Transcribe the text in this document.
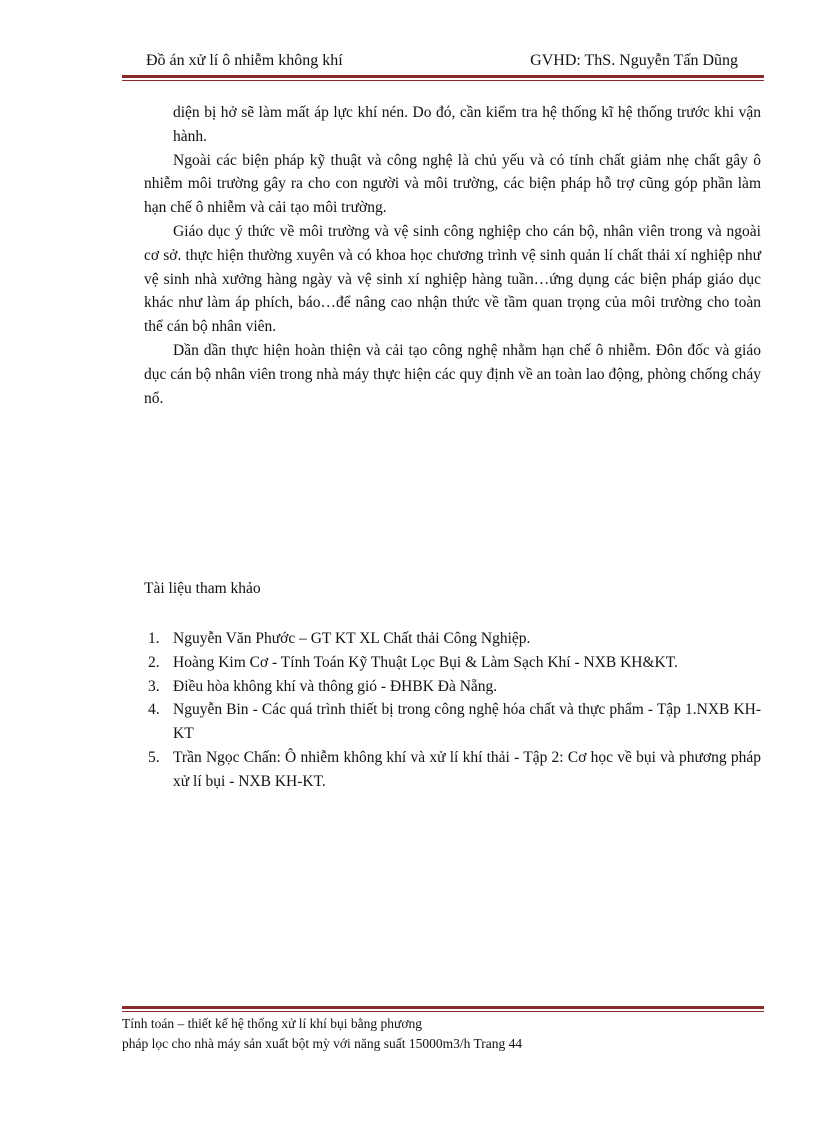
Đồ án xử lí ô nhiễm không khí	GVHD: ThS. Nguyễn Tấn Dũng

diện bị hở sẽ làm mất áp lực khí nén. Do đó, cần kiểm tra hệ thống kĩ hệ thống trước khi vận hành.

Ngoài các biện pháp kỹ thuật và công nghệ là chủ yếu và có tính chất giảm nhẹ chất gây ô nhiễm môi trường gây ra cho con người và môi trường, các biện pháp hỗ trợ cũng góp phần làm hạn chế ô nhiễm và cải tạo môi trường.

Giáo dục ý thức về môi trường và vệ sinh công nghiệp cho cán bộ, nhân viên trong và ngoài cơ sở. thực hiện thường xuyên và có khoa học chương trình vệ sinh quản lí chất thải xí nghiệp như vệ sinh nhà xưởng hàng ngày và vệ sinh xí nghiệp hàng tuần…ứng dụng các biện pháp giáo dục khác như làm áp phích, báo…để nâng cao nhận thức về tầm quan trọng của môi trường cho toàn thể cán bộ nhân viên.

Dần dần thực hiện hoàn thiện và cải tạo công nghệ nhằm hạn chế ô nhiễm. Đôn đốc và giáo dục cán bộ nhân viên trong nhà máy thực hiện các quy định về an toàn lao động, phòng chống cháy nổ.

Tài liệu tham khảo
1. Nguyễn Văn Phước – GT KT XL Chất thải Công Nghiệp.
2. Hoàng Kim Cơ - Tính Toán Kỹ Thuật Lọc Bụi & Làm Sạch Khí - NXB KH&KT.
3. Điều hòa không khí và thông gió - ĐHBK Đà Nẵng.
4. Nguyễn Bin - Các quá trình thiết bị trong công nghệ hóa chất và thực phẩm - Tập 1.NXB KH-KT
5. Trần Ngọc Chấn: Ô nhiễm không khí và xử lí khí thải - Tập 2: Cơ học về bụi và phương pháp xử lí bụi - NXB KH-KT.
Tính toán – thiết kế hệ thống xử lí khí bụi bằng phương
pháp lọc cho nhà máy sản xuất bột mỳ với năng suất 15000m3/h Trang 44
